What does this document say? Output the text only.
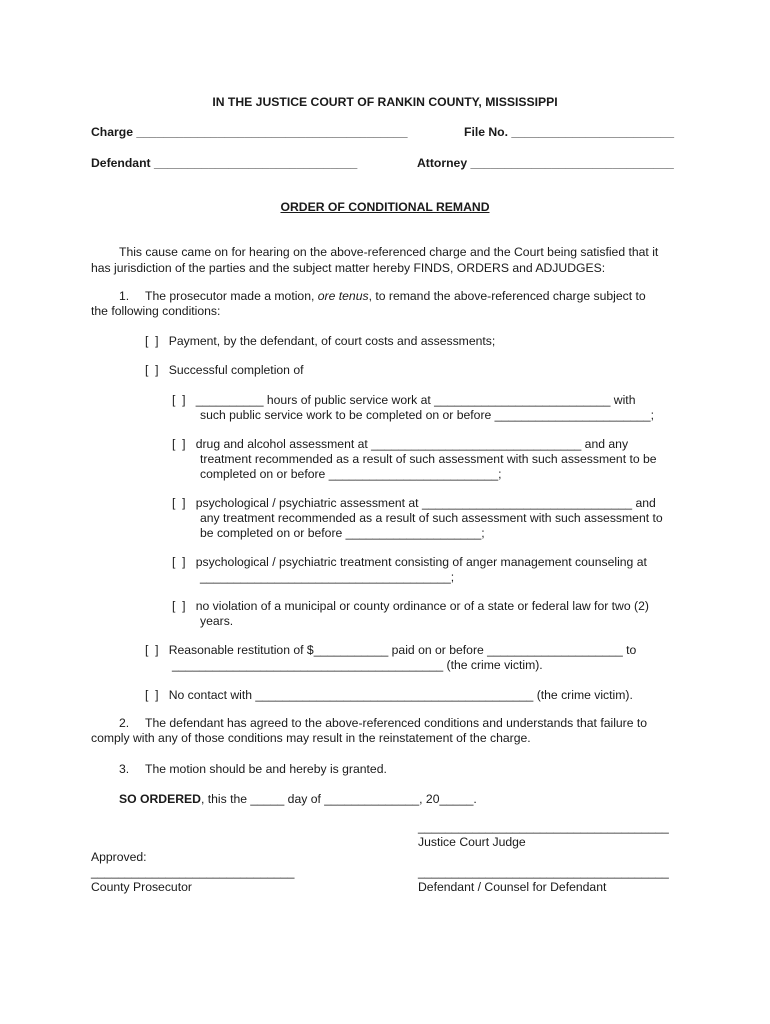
IN THE JUSTICE COURT OF RANKIN COUNTY, MISSISSIPPI
Charge ________________________________________	File No. ________________________
Defendant ______________________________	Attorney ______________________________
ORDER OF CONDITIONAL REMAND
This cause came on for hearing on the above-referenced charge and the Court being satisfied that it
has jurisdiction of the parties and the subject matter hereby FINDS, ORDERS and ADJUDGES:
1. The prosecutor made a motion, ore tenus, to remand the above-referenced charge subject to
the following conditions:
[  ]   Payment, by the defendant, of court costs and assessments;
[  ]   Successful completion of
[  ]   __________ hours of public service work at __________________________ with
such public service work to be completed on or before _______________________;
[  ]   drug and alcohol assessment at _______________________________ and any
treatment recommended as a result of such assessment with such assessment to be
completed on or before _________________________;
[  ]   psychological / psychiatric assessment at _______________________________ and
any treatment recommended as a result of such assessment with such assessment to
be completed on or before ____________________;
[  ]   psychological / psychiatric treatment consisting of anger management counseling at
_____________________________________;
[  ]   no violation of a municipal or county ordinance or of a state or federal law for two (2)
years.
[  ]   Reasonable restitution of $___________ paid on or before ____________________ to
________________________________________ (the crime victim).
[  ]   No contact with _________________________________________ (the crime victim).
2. The defendant has agreed to the above-referenced conditions and understands that failure to
comply with any of those conditions may result in the reinstatement of the charge.
3. The motion should be and hereby is granted.
SO ORDERED, this the _____ day of ______________, 20_____.
_____________________________________
Justice Court Judge
Approved:
______________________________
County Prosecutor
_____________________________________
Defendant / Counsel for Defendant
